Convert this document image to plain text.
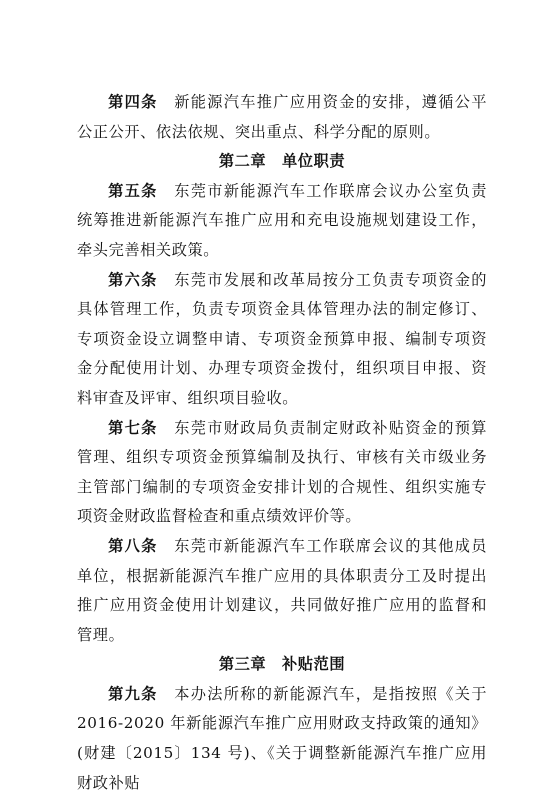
第四条　 新能源汽车推广应用资金的安排，遵循公平公正公开、依法依规、突出重点、科学分配的原则。

第二章　单位职责

第五条　 东莞市新能源汽车工作联席会议办公室负责统筹推进新能源汽车推广应用和充电设施规划建设工作，牵头完善相关政策。

第六条　 东莞市发展和改革局按分工负责专项资金的具体管理工作，负责专项资金具体管理办法的制定修订、专项资金设立调整申请、专项资金预算申报、编制专项资金分配使用计划、办理专项资金拨付，组织项目申报、资料审查及评审、组织项目验收。

第七条　 东莞市财政局负责制定财政补贴资金的预算管理、组织专项资金预算编制及执行、审核有关市级业务主管部门编制的专项资金安排计划的合规性、组织实施专项资金财政监督检查和重点绩效评价等。

第八条　 东莞市新能源汽车工作联席会议的其他成员单位，根据新能源汽车推广应用的具体职责分工及时提出推广应用资金使用计划建议，共同做好推广应用的监督和管理。

第三章　补贴范围

第九条　 本办法所称的新能源汽车，是指按照《关于2016-2020 年新能源汽车推广应用财政支持政策的通知》(财建〔2015〕134 号)、《关于调整新能源汽车推广应用财政补贴
